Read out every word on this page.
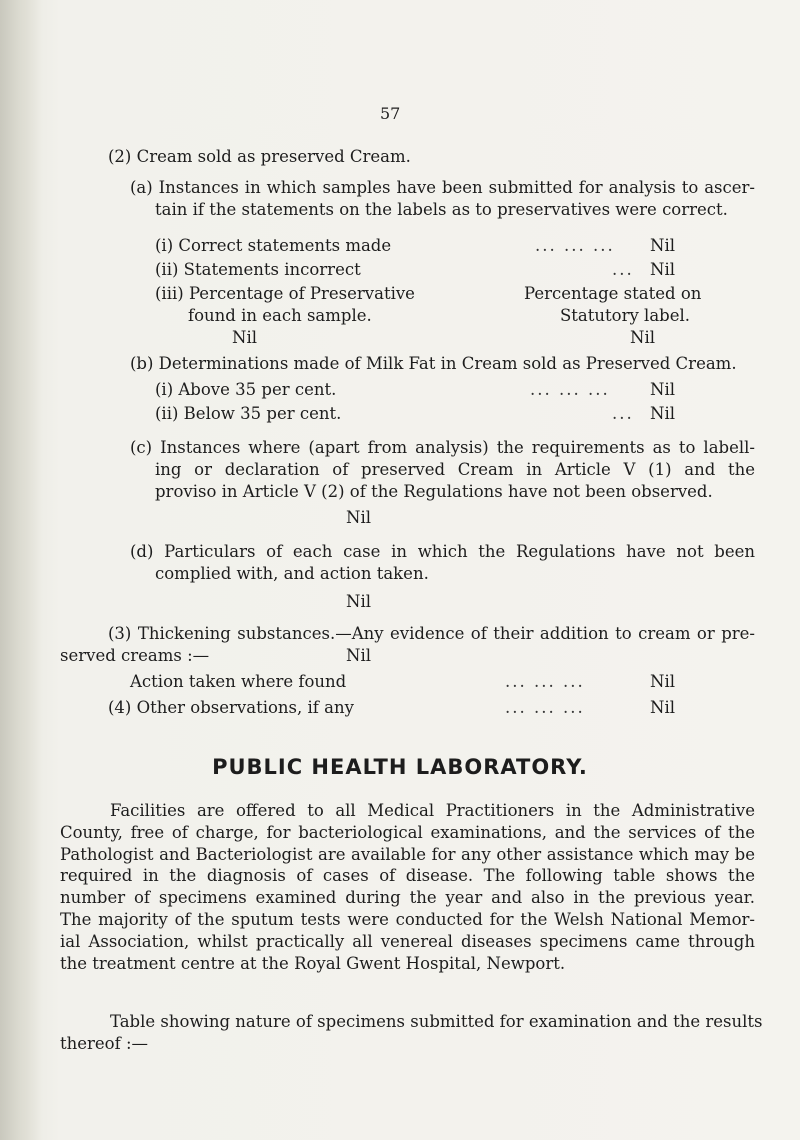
57
(2) Cream sold as preserved Cream.
(a) Instances in which samples have been submitted for analysis to ascer-
tain if the statements on the labels as to preservatives were correct.
(i) Correct statements made	... ... ... Nil
(ii) Statements incorrect	... Nil
(iii) Percentage of Preservative	Percentage stated on
found in each sample.	Statutory label.
Nil	Nil
(b) Determinations made of Milk Fat in Cream sold as Preserved Cream.
(i) Above 35 per cent.	... ... ... Nil
(ii) Below 35 per cent.	... Nil
(c) Instances where (apart from analysis) the requirements as to labell-
ing or declaration of preserved Cream in Article V (1) and the
proviso in Article V (2) of the Regulations have not been observed.
Nil
(d) Particulars of each case in which the Regulations have not been
complied with, and action taken.
Nil
(3) Thickening substances.—Any evidence of their addition to cream or pre-
served creams :—	Nil
Action taken where found	... ... ...	Nil
(4) Other observations, if any	... ... ...	Nil
PUBLIC HEALTH LABORATORY.
Facilities are offered to all Medical Practitioners in the Administrative
County, free of charge, for bacteriological examinations, and the services of the
Pathologist and Bacteriologist are available for any other assistance which may be
required in the diagnosis of cases of disease. The following table shows the
number of specimens examined during the year and also in the previous year.
The majority of the sputum tests were conducted for the Welsh National Memor-
ial Association, whilst practically all venereal diseases specimens came through
the treatment centre at the Royal Gwent Hospital, Newport.
Table showing nature of specimens submitted for examination and the results
thereof :—
